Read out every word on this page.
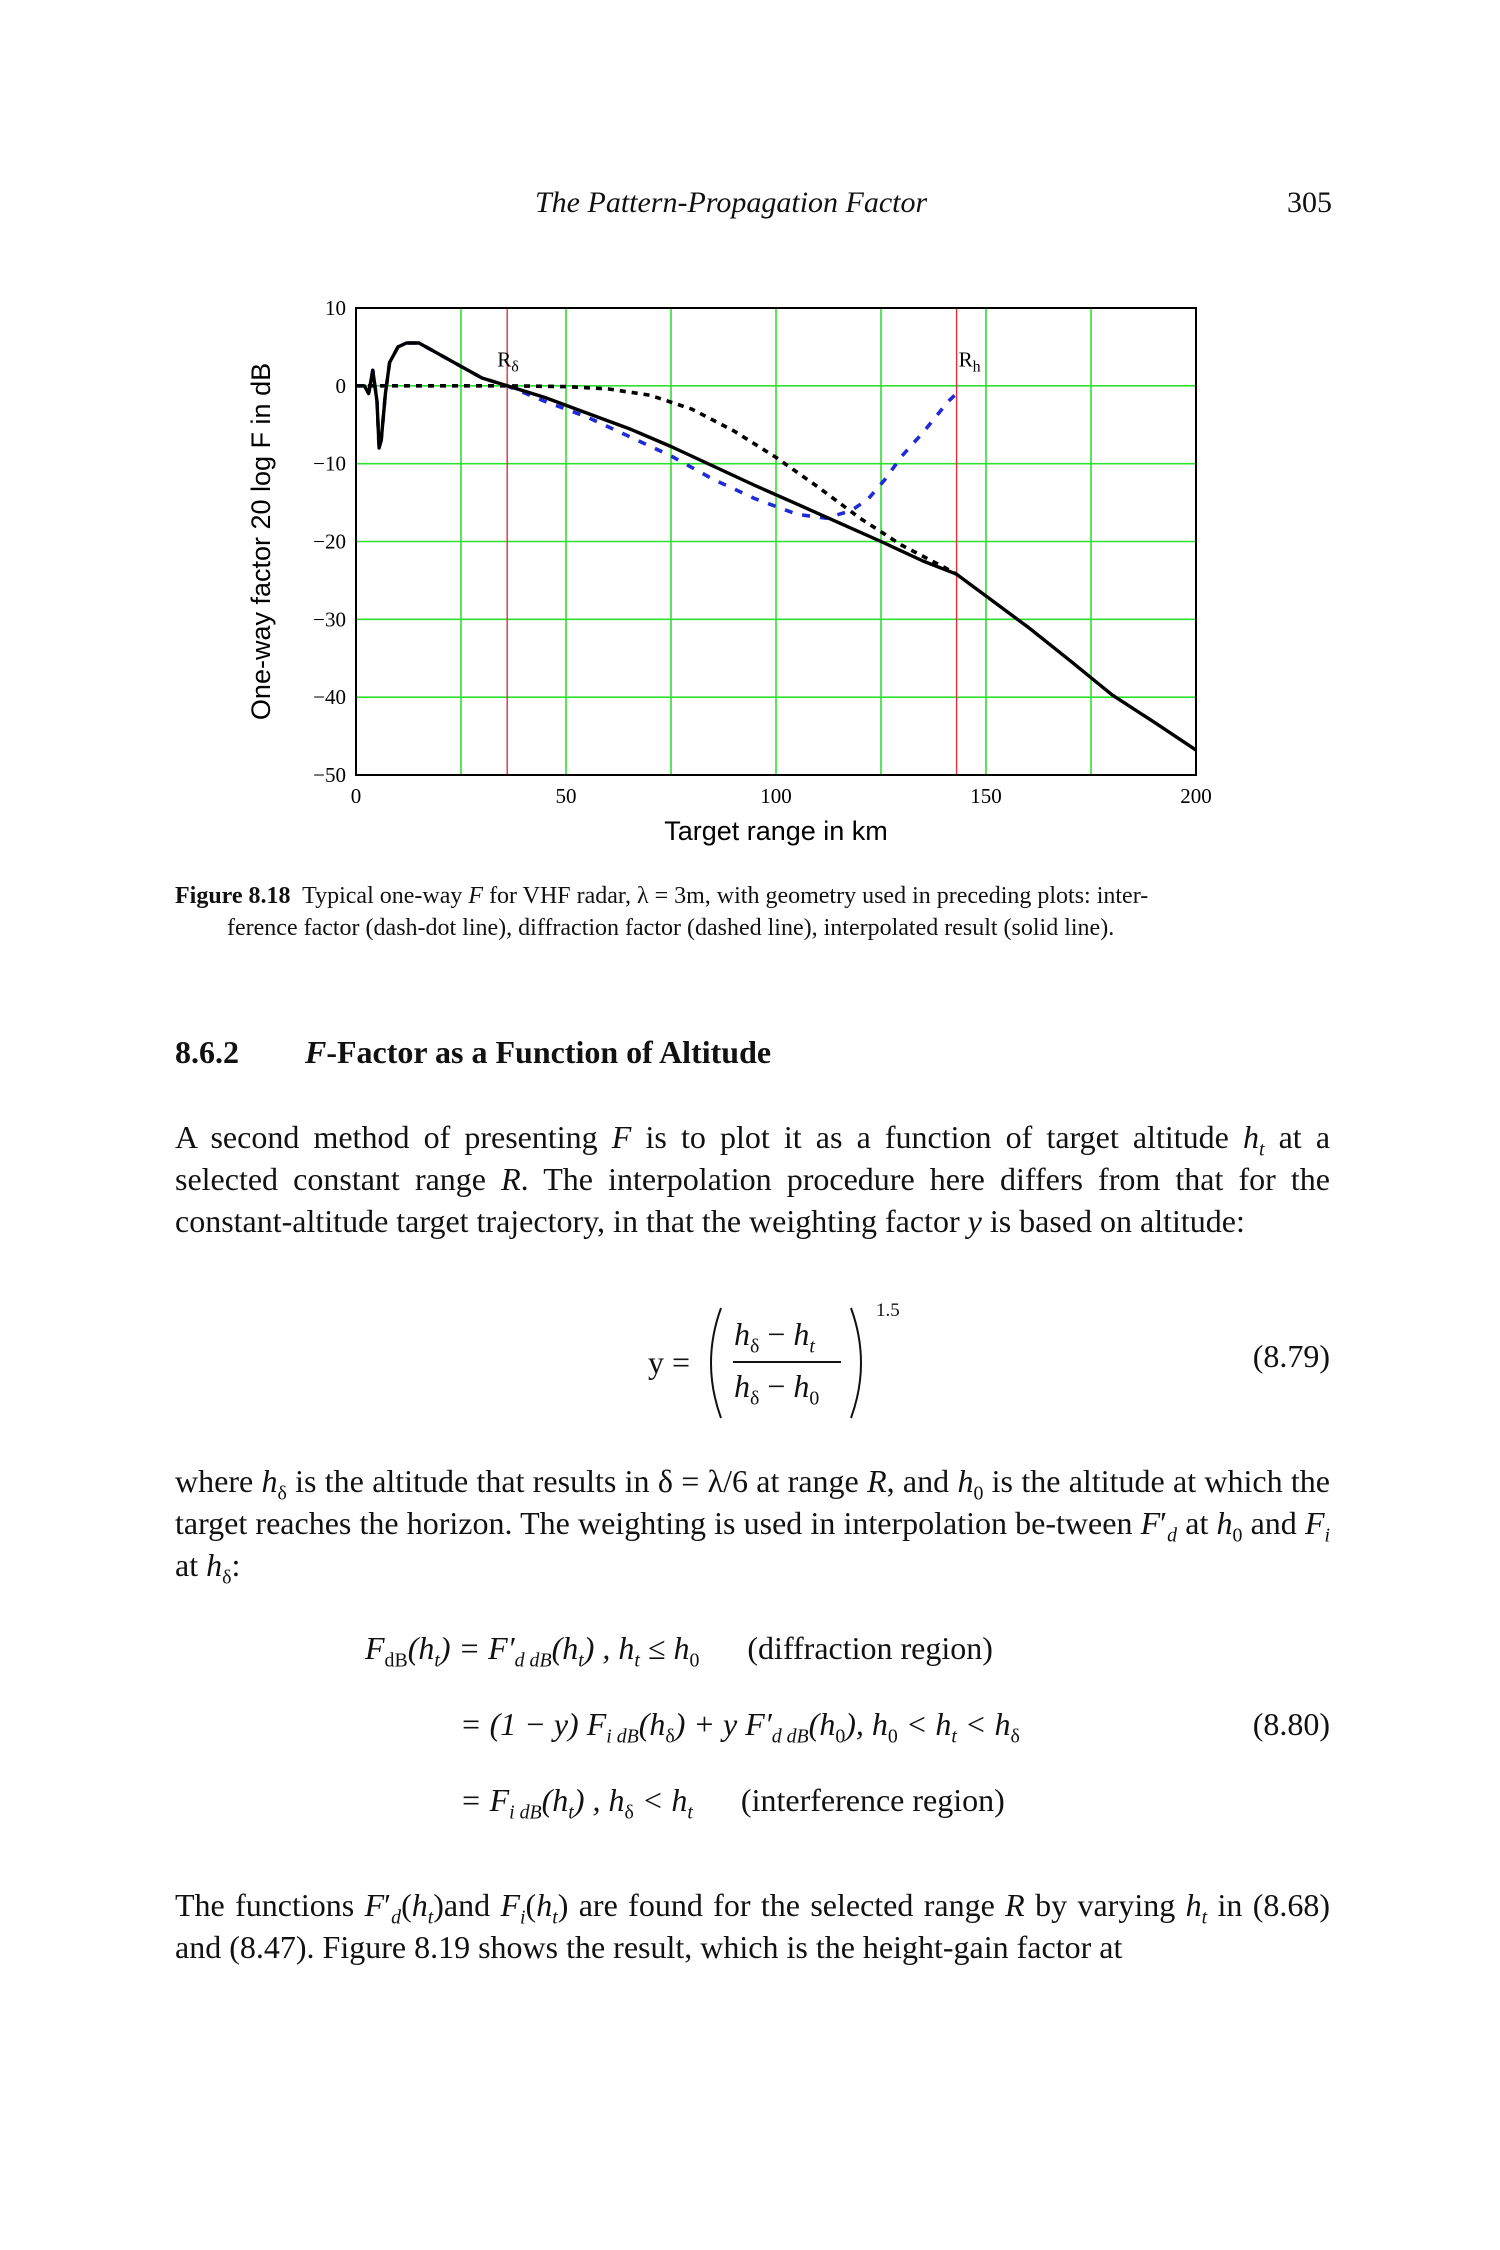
The Pattern-Propagation Factor	305
$R_\delta$	$R_h$
0	50	100	150	200
10
0
−10
−20
−30
−40
−50
Target range in km
One-way factor 20 log F in dB
Figure 8.18 Typical one-way F for VHF radar, λ = 3m, with geometry used in preceding plots: inter-
ference factor (dash-dot line), diffraction factor (dashed line), interpolated result (solid line).
8.6.2 F-Factor as a Function of Altitude
A second method of presenting F is to plot it as a function of target altitude $h_t$ at a selected constant range R. The interpolation procedure here differs from that for the constant-altitude target trajectory, in that the weighting factor y is based on altitude:
y =
$h_\delta - h_t$
$h_\delta - h_0$
1.5
(8.79)
where $h_\delta$ is the altitude that results in δ = λ/6 at range R, and $h_0$ is the altitude at which the target reaches the horizon. The weighting is used in interpolation be-tween $F'_d$ at $h_0$ and $F_i$ at $h_\delta$:
$F_{dB}(h_t) = F'_{d dB}(h_t)$ , $h_t \le h_0$ (diffraction region)
= (1 − y) $F_{i dB}(h_\delta) + y$ $F'_{d dB}(h_0)$, $h_0 < h_t < h_\delta$
= $F_{i dB}(h_t)$ , $h_\delta < h_t$ (interference region)
(8.80)
The functions $F'_d(h_t)and$ $F_i(h_t)$ are found for the selected range R by varying $h_t$ in (8.68) and (8.47). Figure 8.19 shows the result, which is the height-gain factor at
